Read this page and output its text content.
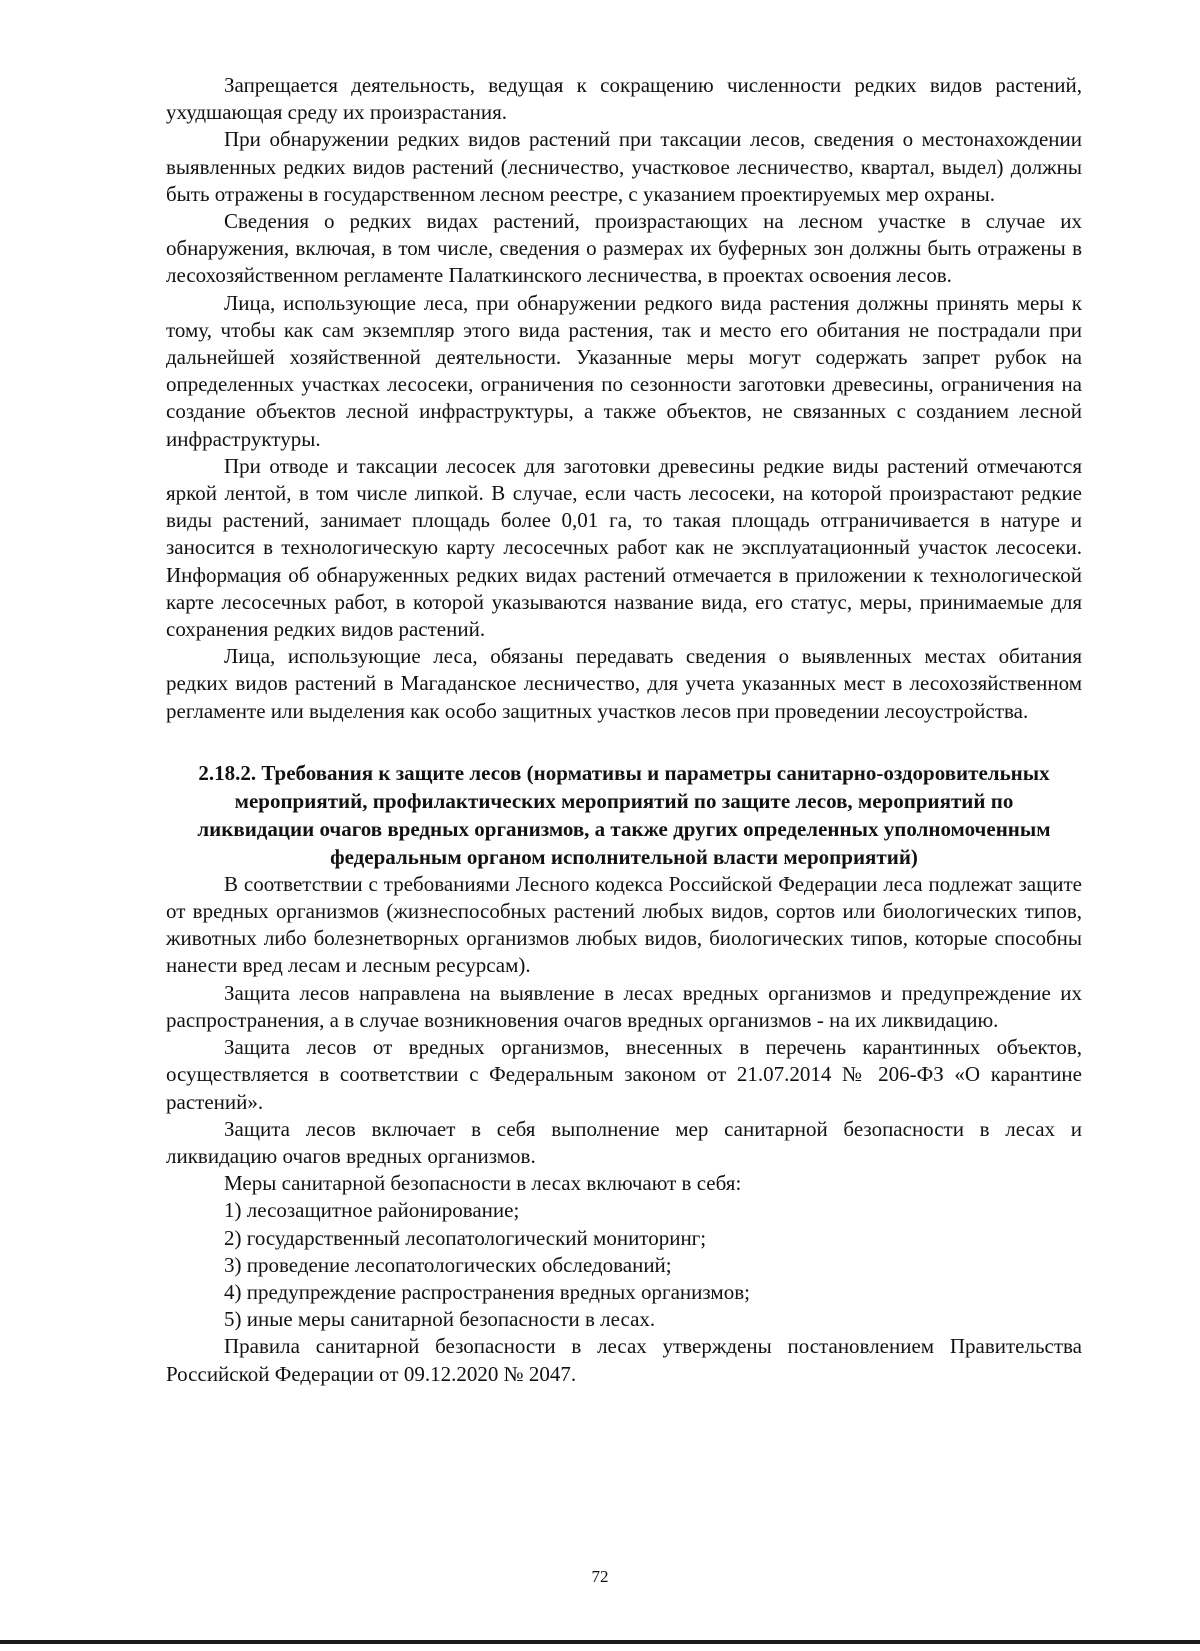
Запрещается деятельность, ведущая к сокращению численности редких видов растений, ухудшающая среду их произрастания.

При обнаружении редких видов растений при таксации лесов, сведения о местонахождении выявленных редких видов растений (лесничество, участковое лесничество, квартал, выдел) должны быть отражены в государственном лесном реестре, с указанием проектируемых мер охраны.

Сведения о редких видах растений, произрастающих на лесном участке в случае их обнаружения, включая, в том числе, сведения о размерах их буферных зон должны быть отражены в лесохозяйственном регламенте Палаткинского лесничества, в проектах освоения лесов.

Лица, использующие леса, при обнаружении редкого вида растения должны принять меры к тому, чтобы как сам экземпляр этого вида растения, так и место его обитания не пострадали при дальнейшей хозяйственной деятельности. Указанные меры могут содержать запрет рубок на определенных участках лесосеки, ограничения по сезонности заготовки древесины, ограничения на создание объектов лесной инфраструктуры, а также объектов, не связанных с созданием лесной инфраструктуры.

При отводе и таксации лесосек для заготовки древесины редкие виды растений отмечаются яркой лентой, в том числе липкой. В случае, если часть лесосеки, на которой произрастают редкие виды растений, занимает площадь более 0,01 га, то такая площадь отграничивается в натуре и заносится в технологическую карту лесосечных работ как не эксплуатационный участок лесосеки. Информация об обнаруженных редких видах растений отмечается в приложении к технологической карте лесосечных работ, в которой указываются название вида, его статус, меры, принимаемые для сохранения редких видов растений.

Лица, использующие леса, обязаны передавать сведения о выявленных местах обитания редких видов растений в Магаданское лесничество, для учета указанных мест в лесохозяйственном регламенте или выделения как особо защитных участков лесов при проведении лесоустройства.

2.18.2. Требования к защите лесов (нормативы и параметры санитарно-оздоровительных мероприятий, профилактических мероприятий по защите лесов, мероприятий по ликвидации очагов вредных организмов, а также других определенных уполномоченным федеральным органом исполнительной власти мероприятий)

В соответствии с требованиями Лесного кодекса Российской Федерации леса подлежат защите от вредных организмов (жизнеспособных растений любых видов, сортов или биологических типов, животных либо болезнетворных организмов любых видов, биологических типов, которые способны нанести вред лесам и лесным ресурсам).

Защита лесов направлена на выявление в лесах вредных организмов и предупреждение их распространения, а в случае возникновения очагов вредных организмов - на их ликвидацию.

Защита лесов от вредных организмов, внесенных в перечень карантинных объектов, осуществляется в соответствии с Федеральным законом от 21.07.2014 № 206-ФЗ «О карантине растений».

Защита лесов включает в себя выполнение мер санитарной безопасности в лесах и ликвидацию очагов вредных организмов.

Меры санитарной безопасности в лесах включают в себя:

1) лесозащитное районирование;

2) государственный лесопатологический мониторинг;

3) проведение лесопатологических обследований;

4) предупреждение распространения вредных организмов;

5) иные меры санитарной безопасности в лесах.

Правила санитарной безопасности в лесах утверждены постановлением Правительства Российской Федерации от 09.12.2020 № 2047.

72
